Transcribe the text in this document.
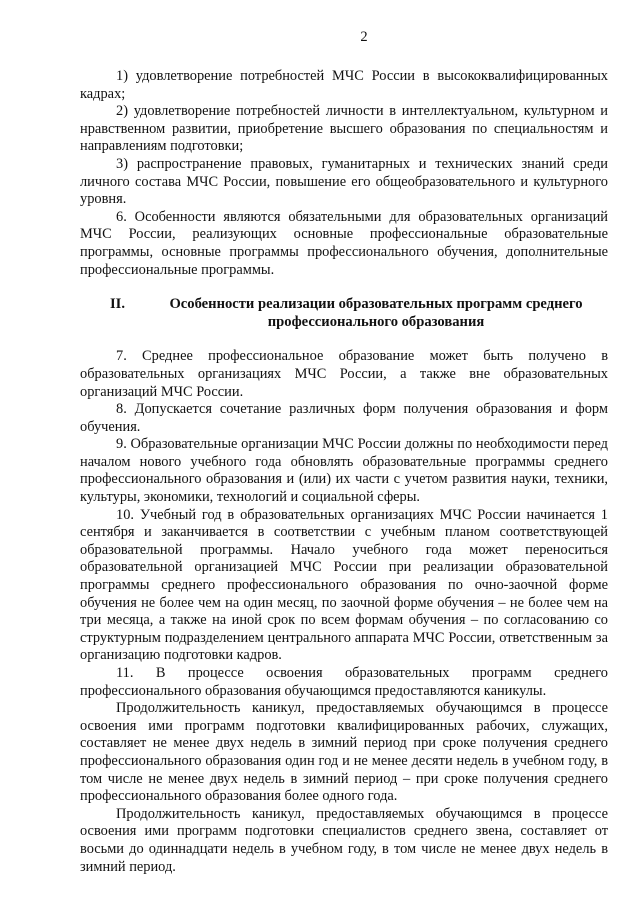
2

1) удовлетворение потребностей МЧС России в высококвалифицированных кадрах;

2) удовлетворение потребностей личности в интеллектуальном, культурном и нравственном развитии, приобретение высшего образования по специальностям и направлениям подготовки;

3) распространение правовых, гуманитарных и технических знаний среди личного состава МЧС России, повышение его общеобразовательного и культурного уровня.

6. Особенности являются обязательными для образовательных организаций МЧС России, реализующих основные профессиональные образовательные программы, основные программы профессионального обучения, дополнительные профессиональные программы.

II.	Особенности реализации образовательных программ среднего профессионального образования

7. Среднее профессиональное образование может быть получено в образовательных организациях МЧС России, а также вне образовательных организаций МЧС России.

8. Допускается сочетание различных форм получения образования и форм обучения.

9. Образовательные организации МЧС России должны по необходимости перед началом нового учебного года обновлять образовательные программы среднего профессионального образования и (или) их части с учетом развития науки, техники, культуры, экономики, технологий и социальной сферы.

10. Учебный год в образовательных организациях МЧС России начинается 1 сентября и заканчивается в соответствии с учебным планом соответствующей образовательной программы. Начало учебного года может переноситься образовательной организацией МЧС России при реализации образовательной программы среднего профессионального образования по очно-заочной форме обучения не более чем на один месяц, по заочной форме обучения – не более чем на три месяца, а также на иной срок по всем формам обучения – по согласованию со структурным подразделением центрального аппарата МЧС России, ответственным за организацию подготовки кадров.

11. В процессе освоения образовательных программ среднего профессионального образования обучающимся предоставляются каникулы.

Продолжительность каникул, предоставляемых обучающимся в процессе освоения ими программ подготовки квалифицированных рабочих, служащих, составляет не менее двух недель в зимний период при сроке получения среднего профессионального образования один год и не менее десяти недель в учебном году, в том числе не менее двух недель в зимний период – при сроке получения среднего профессионального образования более одного года.

Продолжительность каникул, предоставляемых обучающимся в процессе освоения ими программ подготовки специалистов среднего звена, составляет от восьми до одиннадцати недель в учебном году, в том числе не менее двух недель в зимний период.
